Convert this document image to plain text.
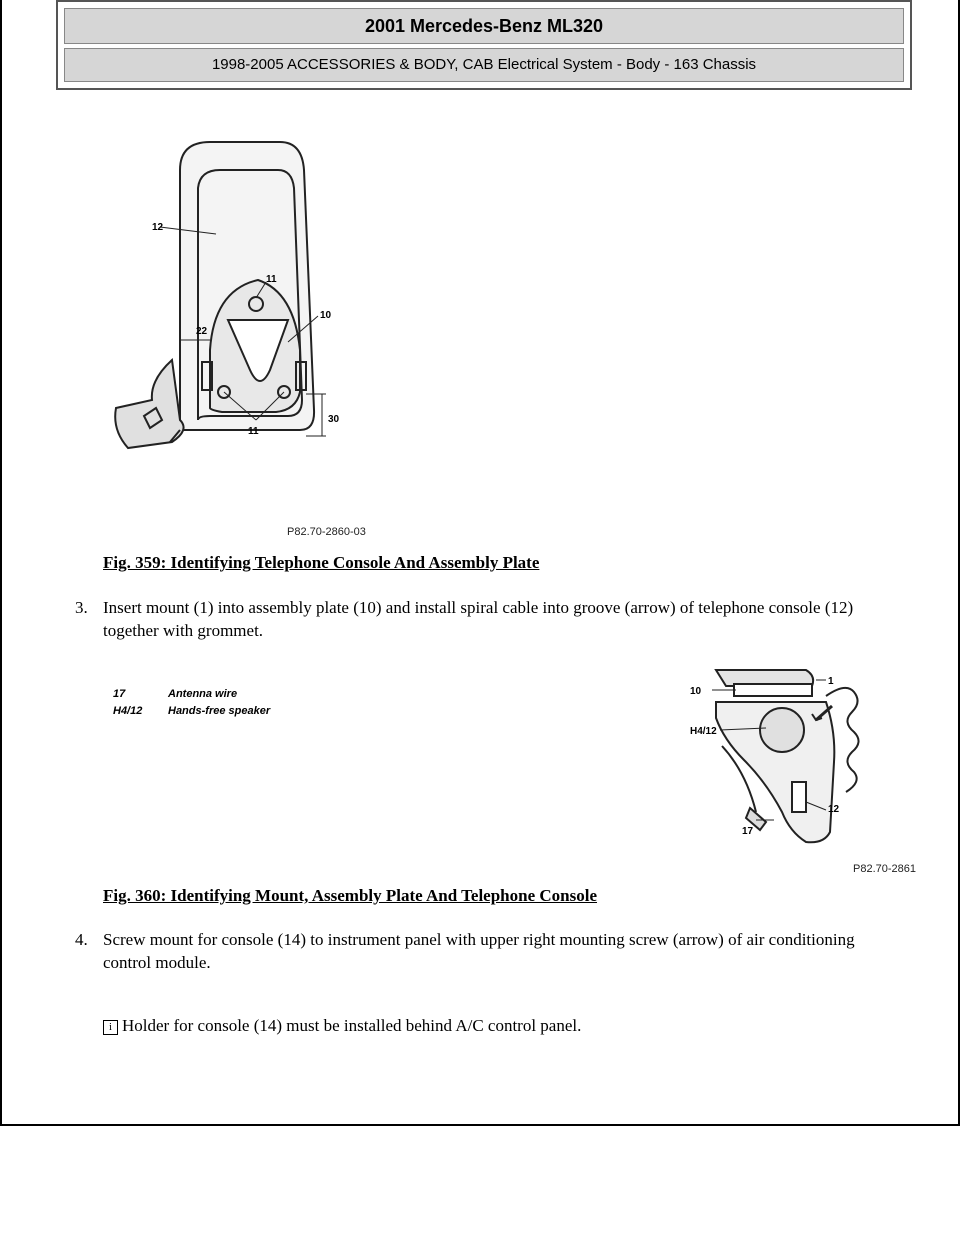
2001 Mercedes-Benz ML320
1998-2005 ACCESSORIES & BODY, CAB Electrical System - Body - 163 Chassis
12
11
10
22
30
11
P82.70-2860-03
Fig. 359: Identifying Telephone Console And Assembly Plate
3. Insert mount (1) into assembly plate (10) and install spiral cable into groove (arrow) of telephone console (12) together with grommet.
17	Antenna wire
H4/12 Hands-free speaker
1
10
H4/12
12
17
P82.70-2861
Fig. 360: Identifying Mount, Assembly Plate And Telephone Console
4. Screw mount for console (14) to instrument panel with upper right mounting screw (arrow) of air conditioning control module.
i Holder for console (14) must be installed behind A/C control panel.
